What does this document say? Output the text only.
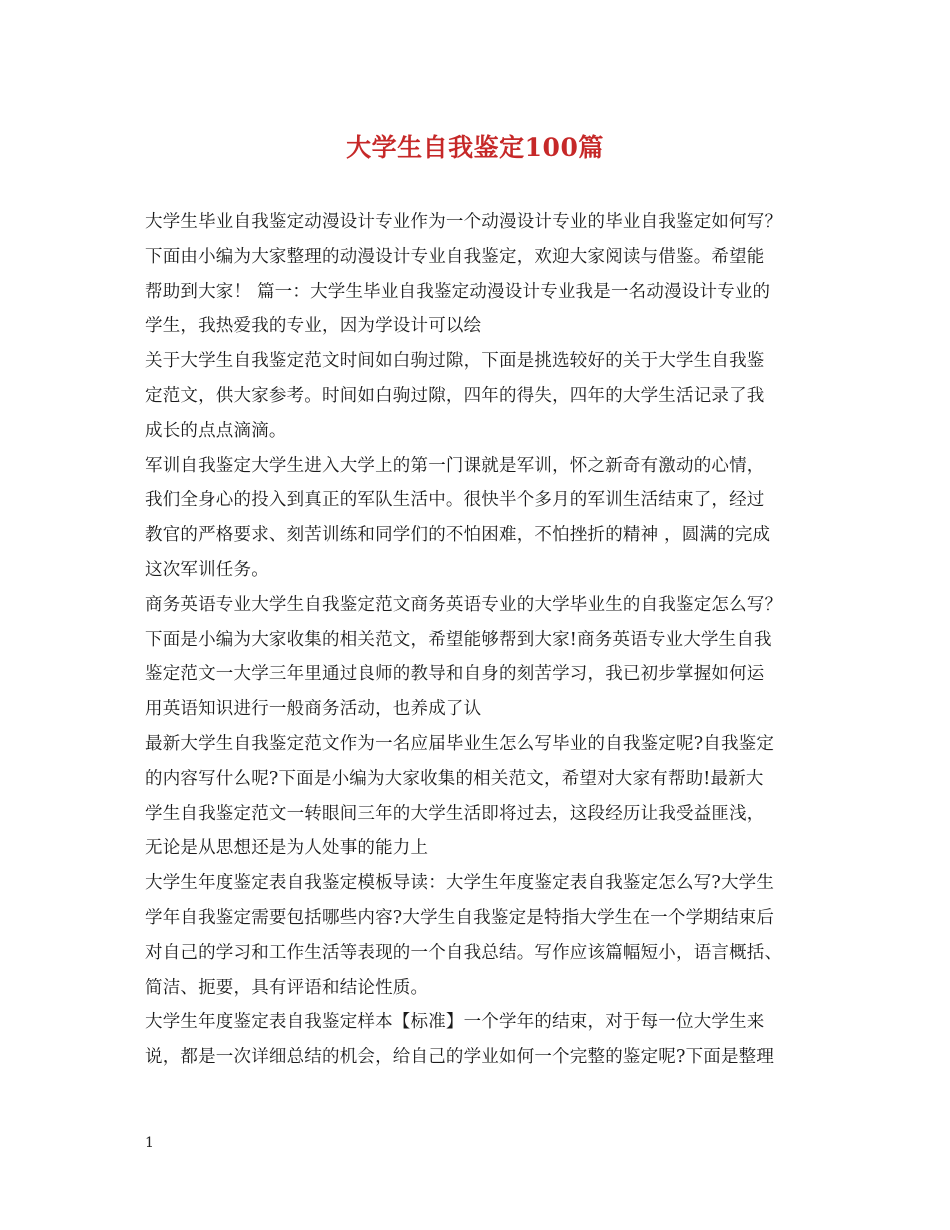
大学生自我鉴定100篇

大学生毕业自我鉴定动漫设计专业作为一个动漫设计专业的毕业自我鉴定如何写？
下面由小编为大家整理的动漫设计专业自我鉴定，欢迎大家阅读与借鉴。希望能
帮助到大家！ 篇一：大学生毕业自我鉴定动漫设计专业我是一名动漫设计专业的
学生，我热爱我的专业，因为学设计可以绘

关于大学生自我鉴定范文时间如白驹过隙，下面是挑选较好的关于大学生自我鉴
定范文，供大家参考。时间如白驹过隙，四年的得失，四年的大学生活记录了我
成长的点点滴滴。

军训自我鉴定大学生进入大学上的第一门课就是军训，怀之新奇有激动的心情，
我们全身心的投入到真正的军队生活中。很快半个多月的军训生活结束了，经过
教官的严格要求、刻苦训练和同学们的不怕困难，不怕挫折的精神 ，圆满的完成
这次军训任务。

商务英语专业大学生自我鉴定范文商务英语专业的大学毕业生的自我鉴定怎么写？
下面是小编为大家收集的相关范文，希望能够帮到大家!商务英语专业大学生自我
鉴定范文一大学三年里通过良师的教导和自身的刻苦学习，我已初步掌握如何运
用英语知识进行一般商务活动，也养成了认

最新大学生自我鉴定范文作为一名应届毕业生怎么写毕业的自我鉴定呢?自我鉴定
的内容写什么呢?下面是小编为大家收集的相关范文，希望对大家有帮助!最新大
学生自我鉴定范文一转眼间三年的大学生活即将过去，这段经历让我受益匪浅，
无论是从思想还是为人处事的能力上

大学生年度鉴定表自我鉴定模板导读：大学生年度鉴定表自我鉴定怎么写?大学生
学年自我鉴定需要包括哪些内容?大学生自我鉴定是特指大学生在一个学期结束后
对自己的学习和工作生活等表现的一个自我总结。写作应该篇幅短小，语言概括、
简洁、扼要，具有评语和结论性质。

大学生年度鉴定表自我鉴定样本【标准】一个学年的结束，对于每一位大学生来
说，都是一次详细总结的机会，给自己的学业如何一个完整的鉴定呢?下面是整理

1
